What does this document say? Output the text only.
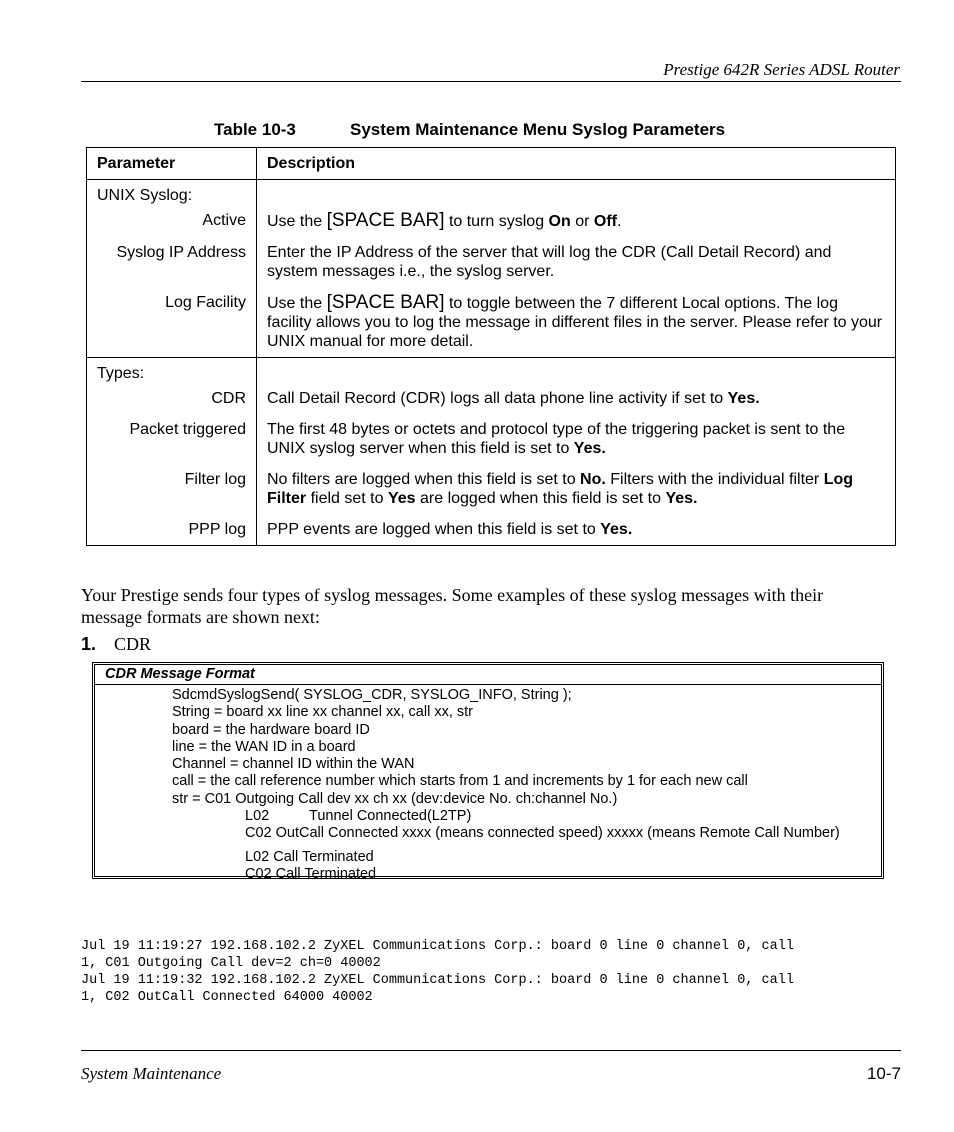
Prestige 642R Series ADSL Router
Table 10-3	System Maintenance Menu Syslog Parameters
Parameter	Description
UNIX Syslog:	
Active	Use the [SPACE BAR] to turn syslog On or Off.
Syslog IP Address	Enter the IP Address of the server that will log the CDR (Call Detail Record) and system messages i.e., the syslog server.
Log Facility	Use the [SPACE BAR] to toggle between the 7 different Local options. The log facility allows you to log the message in different files in the server. Please refer to your UNIX manual for more detail.
Types:	
CDR	Call Detail Record (CDR) logs all data phone line activity if set to Yes.
Packet triggered	The first 48 bytes or octets and protocol type of the triggering packet is sent to the UNIX syslog server when this field is set to Yes.
Filter log	No filters are logged when this field is set to No. Filters with the individual filter Log Filter field set to Yes are logged when this field is set to Yes.
PPP log	PPP events are logged when this field is set to Yes.
Your Prestige sends four types of syslog messages. Some examples of these syslog messages with their message formats are shown next:
1. CDR
CDR Message Format
SdcmdSyslogSend( SYSLOG_CDR, SYSLOG_INFO, String );
String = board xx line xx channel xx, call xx, str
board = the hardware board ID
line = the WAN ID in a board
Channel = channel ID within the WAN
call = the call reference number which starts from 1 and increments by 1 for each new call
str = C01 Outgoing Call dev xx ch xx (dev:device No. ch:channel No.)
L02	Tunnel Connected(L2TP)
C02 OutCall Connected xxxx (means connected speed) xxxxx (means Remote Call Number)
L02 Call Terminated
C02 Call Terminated
Jul 19 11:19:27 192.168.102.2 ZyXEL Communications Corp.: board 0 line 0 channel 0, call
1, C01 Outgoing Call dev=2 ch=0 40002
Jul 19 11:19:32 192.168.102.2 ZyXEL Communications Corp.: board 0 line 0 channel 0, call
1, C02 OutCall Connected 64000 40002
System Maintenance	10-7
